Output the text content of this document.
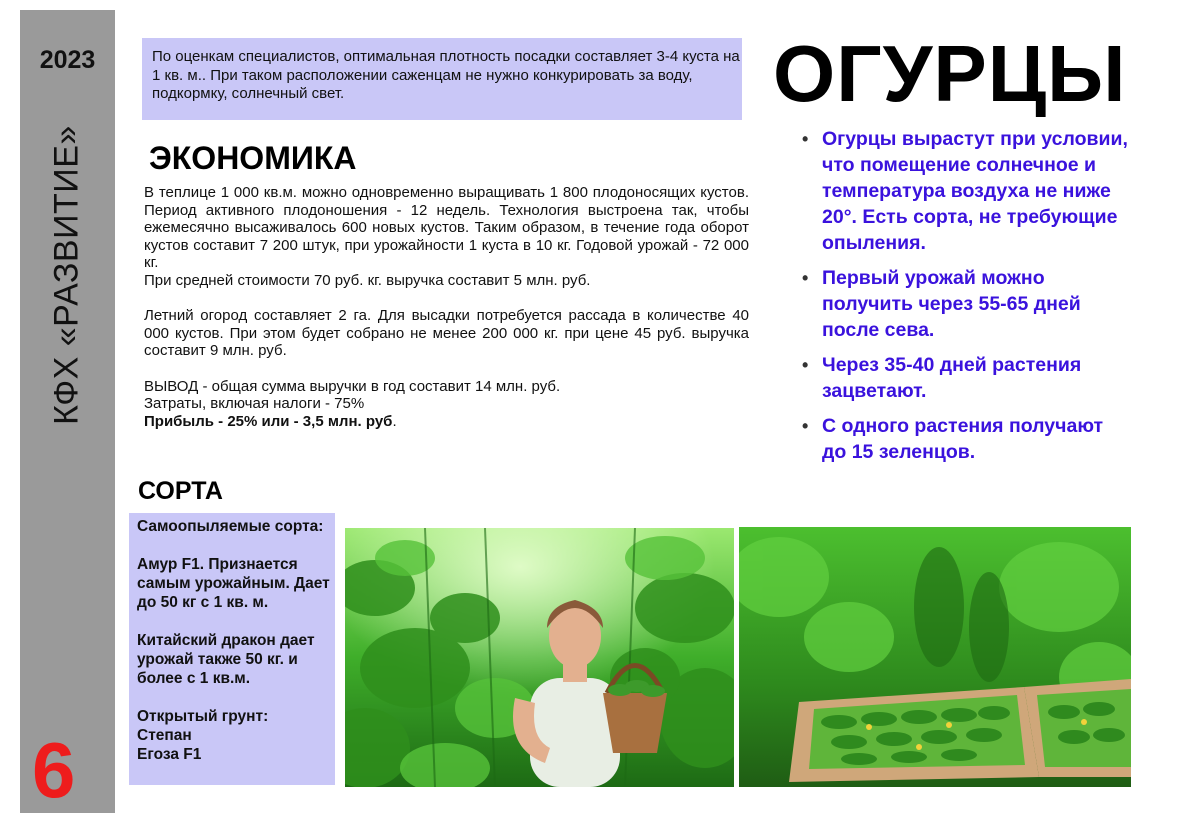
2023
КФХ «РАЗВИТИЕ»
6
По оценкам специалистов, оптимальная плотность посадки составляет 3-4 куста на 1 кв. м.. При таком расположении саженцам не нужно конкурировать за воду, подкормку, солнечный свет.	ОГУРЦЫ
ЭКОНОМИКА

В теплице 1 000 кв.м. можно одновременно выращивать 1 800 плодоносящих кустов. Период активного плодоношения - 12 недель. Технология выстроена так, чтобы ежемесячно высаживалось 600 новых кустов. Таким образом, в течение года оборот кустов составит 7 200 штук, при урожайности 1 куста в 10 кг. Годовой урожай - 72 000 кг.

При средней стоимости 70 руб. кг. выручка составит 5 млн. руб.

Летний огород составляет 2 га. Для высадки потребуется рассада в количестве 40 000 кустов. При этом будет собрано не менее 200 000 кг. при цене 45 руб. выручка составит 9 млн. руб.

ВЫВОД - общая сумма выручки в год составит 14 млн. руб.

Затраты, включая налоги - 75%

Прибыль - 25% или - 3,5 млн. руб.

• Огурцы вырастут при условии, что помещение солнечное и температура воздуха не ниже 20°. Есть сорта, не требующие опыления.
• Первый урожай можно получить через 55-65 дней после сева.
• Через 35-40 дней растения зацветают.
• С одного растения получают до 15 зеленцов.
СОРТА

Самоопыляемые сорта:

Амур F1. Признается самым урожайным. Дает до 50 кг с 1 кв. м.

Китайский дракон дает урожай также 50 кг. и более с 1 кв.м.

Открытый грунт:
Степан
Егоза F1
